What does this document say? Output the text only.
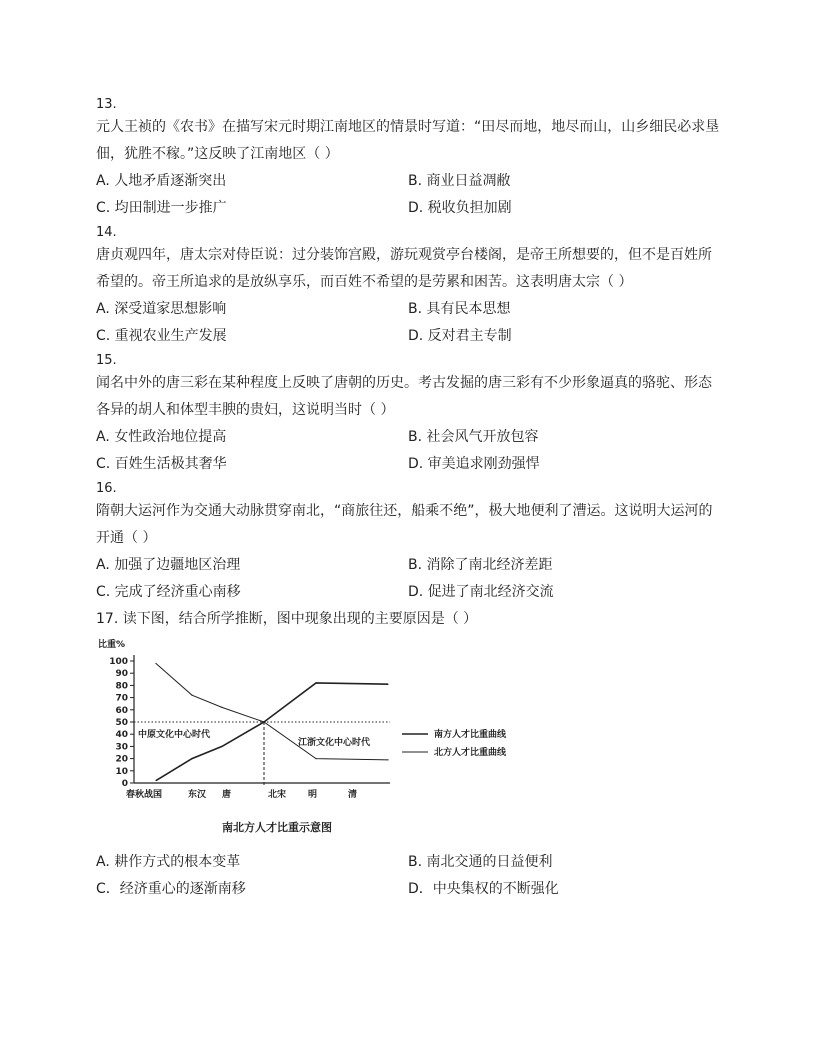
13.

元人王祯的《农书》在描写宋元时期江南地区的情景时写道：“田尽而地，地尽而山，山乡细民必求垦佃，犹胜不稼。”这反映了江南地区（ ）

A. 人地矛盾逐渐突出	B. 商业日益凋敝
C. 均田制进一步推广	D. 税收负担加剧
14.

唐贞观四年，唐太宗对侍臣说：过分装饰宫殿，游玩观赏亭台楼阁，是帝王所想要的，但不是百姓所希望的。帝王所追求的是放纵享乐，而百姓不希望的是劳累和困苦。这表明唐太宗（ ）

A. 深受道家思想影响	B. 具有民本思想
C. 重视农业生产发展	D. 反对君主专制
15.

闻名中外的唐三彩在某种程度上反映了唐朝的历史。考古发掘的唐三彩有不少形象逼真的骆驼、形态各异的胡人和体型丰腴的贵妇，这说明当时（ ）

A. 女性政治地位提高	B. 社会风气开放包容
C. 百姓生活极其奢华	D. 审美追求刚劲强悍
16.

隋朝大运河作为交通大动脉贯穿南北，“商旅往还，船乘不绝”，极大地便利了漕运。这说明大运河的开通（ ）

A. 加强了边疆地区治理	B. 消除了南北经济差距
C. 完成了经济重心南移	D. 促进了南北经济交流

17. 读下图，结合所学推断，图中现象出现的主要原因是（ ）

比重%
0
10
20
30
40
50
60
70
80
90
100
春秋战国	东汉 唐	北宋 明	清
中原文化中心时代
江浙文化中心时代
南方人才比重曲线
北方人才比重曲线
南北方人才比重示意图
A. 耕作方式的根本变革	B. 南北交通的日益便利
C．经济重心的逐渐南移	D．中央集权的不断强化
